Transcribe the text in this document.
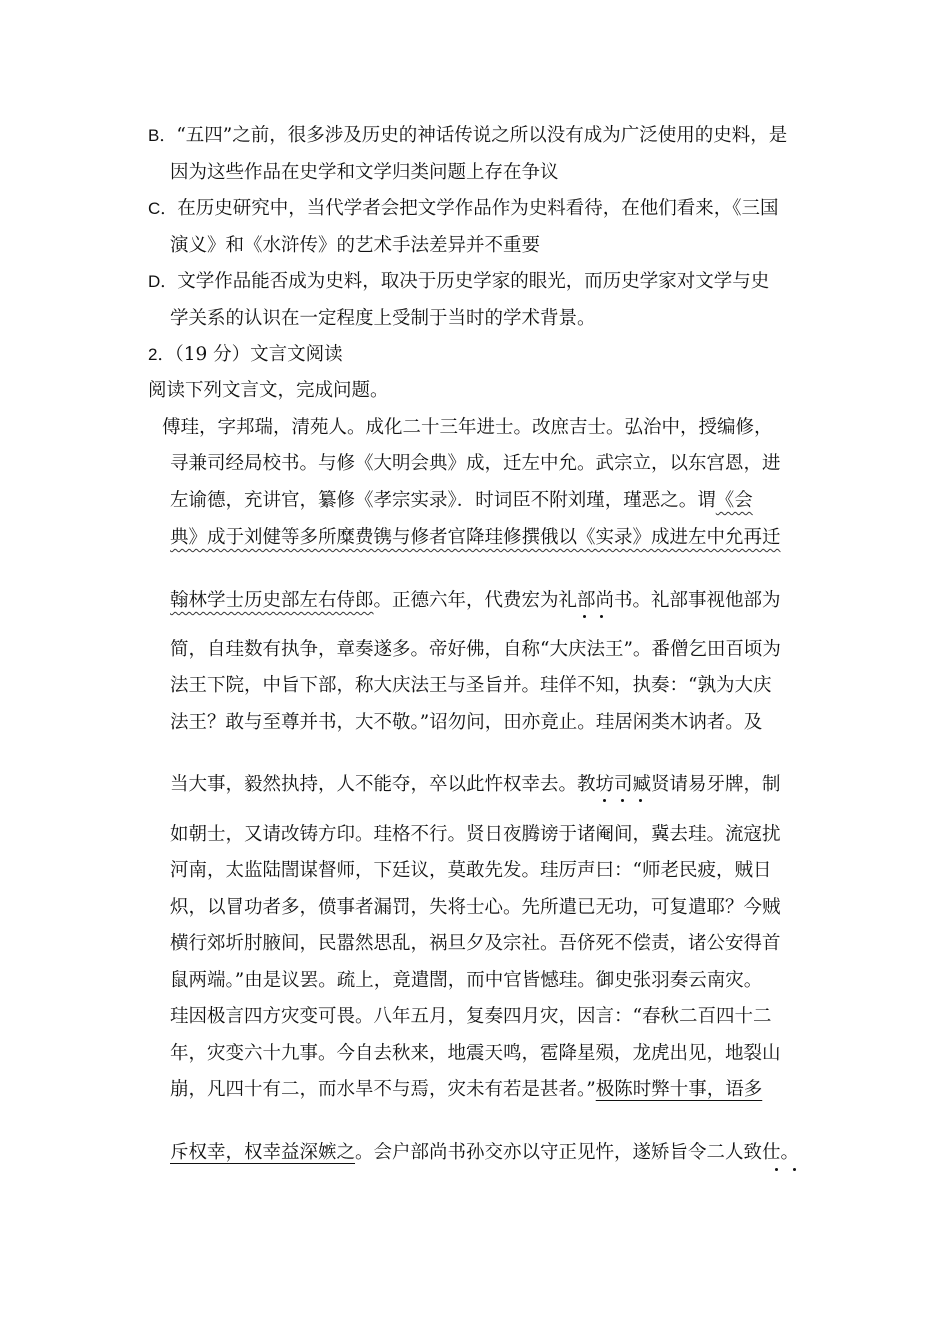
B．“五四”之前，很多涉及历史的神话传说之所以没有成为广泛使用的史料，是
因为这些作品在史学和文学归类问题上存在争议
C．在历史研究中，当代学者会把文学作品作为史料看待，在他们看来，《三国
演义》和《水浒传》的艺术手法差异并不重要
D．文学作品能否成为史料，取决于历史学家的眼光，而历史学家对文学与史
学关系的认识在一定程度上受制于当时的学术背景。
2．（19 分）文言文阅读
阅读下列文言文，完成问题。
傅珪，字邦瑞，清苑人。成化二十三年进士。改庶吉士。弘治中，授编修，
寻兼司经局校书。与修《大明会典》成，迁左中允。武宗立，以东宫恩，进
左谕德，充讲官，纂修《孝宗实录》．时词臣不附刘瑾，瑾恶之。谓《会
典》成于刘健等多所糜费镌与修者官降珪修撰俄以《实录》成进左中允再迁
翰林学士历史部左右侍郎。正德六年，代费宏为礼部尚书。礼部事视他部为
简，自珪数有执争，章奏遂多。帝好佛，自称“大庆法王”。番僧乞田百顷为
法王下院，中旨下部，称大庆法王与圣旨并。珪佯不知，执奏：“孰为大庆
法王？敢与至尊并书，大不敬。”诏勿问，田亦竟止。珪居闲类木讷者。及
当大事，毅然执持，人不能夺，卒以此忤权幸去。教坊司臧贤请易牙牌，制
如朝士，又请改铸方印。珪格不行。贤日夜腾谤于诸阉间，冀去珪。流寇扰
河南，太监陆誾谋督师，下廷议，莫敢先发。珪厉声曰：“师老民疲，贼日
炽，以冒功者多，偾事者漏罚，失将士心。先所遣已无功，可复遣耶？今贼
横行郊圻肘腋间，民嚣然思乱，祸旦夕及宗社。吾侪死不偿责，诸公安得首
鼠两端。”由是议罢。疏上，竟遣誾，而中官皆憾珪。御史张羽奏云南灾。
珪因极言四方灾变可畏。八年五月，复奏四月灾，因言：“春秋二百四十二
年，灾变六十九事。今自去秋来，地震天鸣，雹降星殒，龙虎出见，地裂山
崩，凡四十有二，而水旱不与焉，灾未有若是甚者。”极陈时弊十事，语多
斥权幸，权幸益深嫉之。会户部尚书孙交亦以守正见忤，遂矫旨令二人致仕。
